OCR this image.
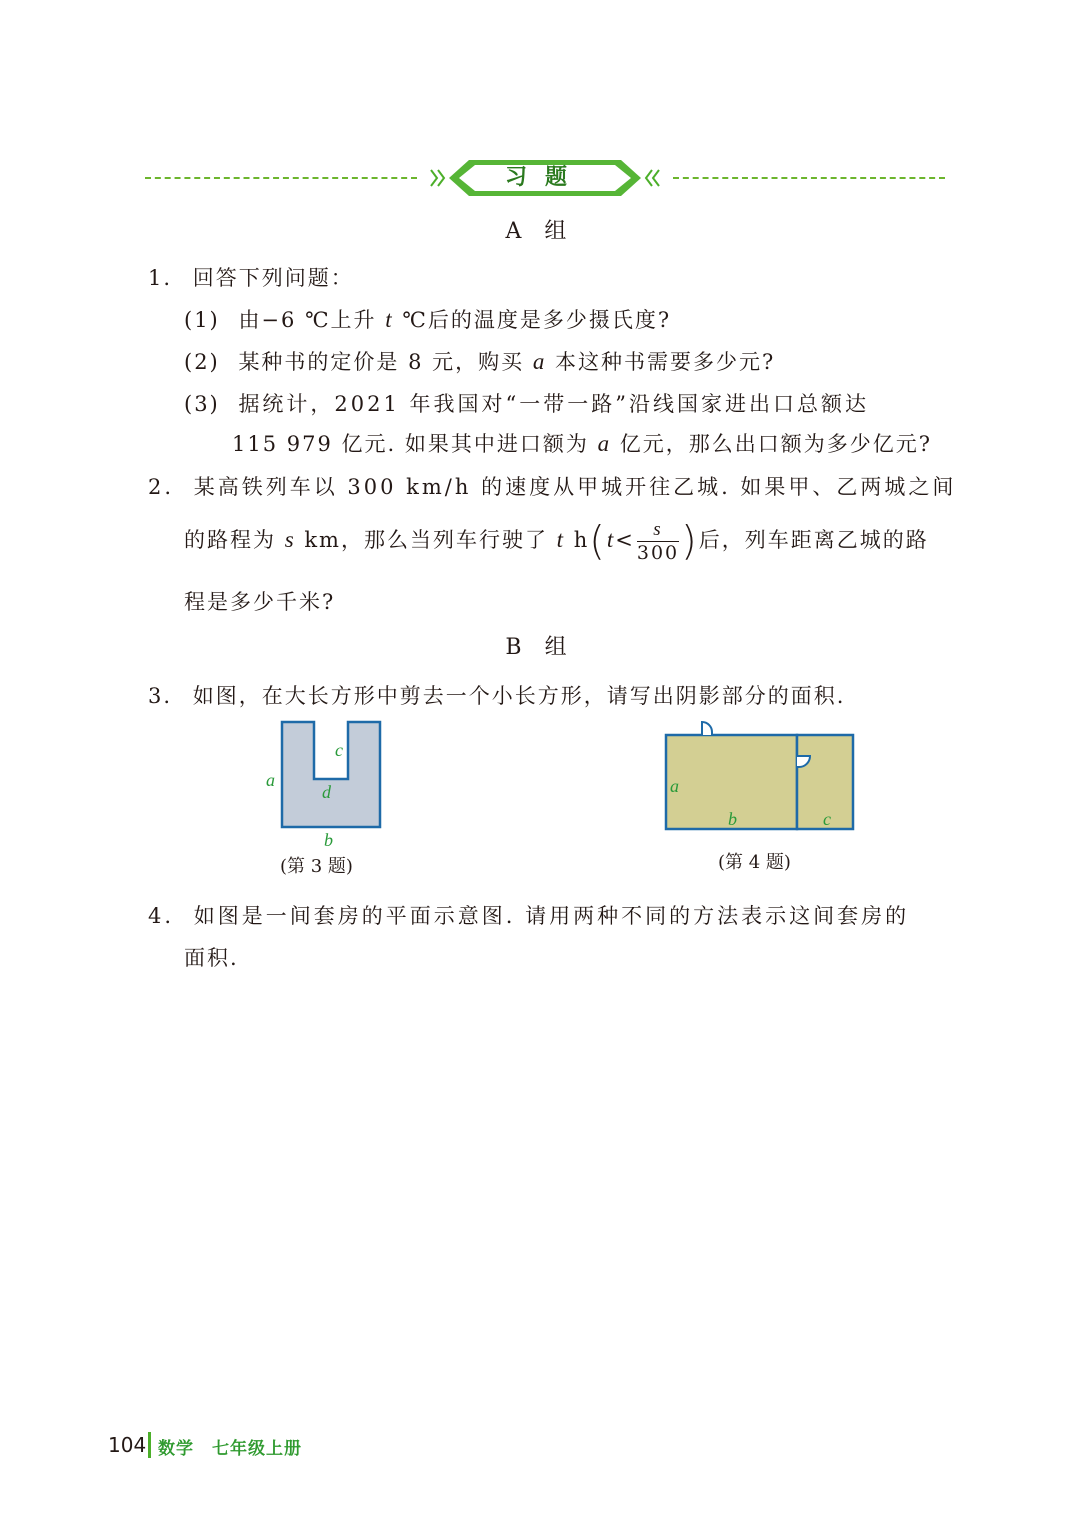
习题
A 组
1. 回答下列问题：
(1) 由−6 ℃上升 t ℃后的温度是多少摄氏度?
(2) 某种书的定价是 8 元，购买 a 本这种书需要多少元?
(3) 据统计，2021 年我国对“一带一路”沿线国家进出口总额达
115 979 亿元. 如果其中进口额为 a 亿元，那么出口额为多少亿元?
2. 某高铁列车以 300 km/h 的速度从甲城开往乙城. 如果甲、乙两城之间
的路程为 s km，那么当列车行驶了 t $h(t< \frac{s}{300}$ )后，列车距离乙城的路
程是多少千米?
B 组
3. 如图，在大长方形中剪去一个小长方形，请写出阴影部分的面积.
a
c
d
b
(第 3 题)
a
b	c
(第 4 题)
4. 如图是一间套房的平面示意图. 请用两种不同的方法表示这间套房的
面积.
104 数学　七年级上册
